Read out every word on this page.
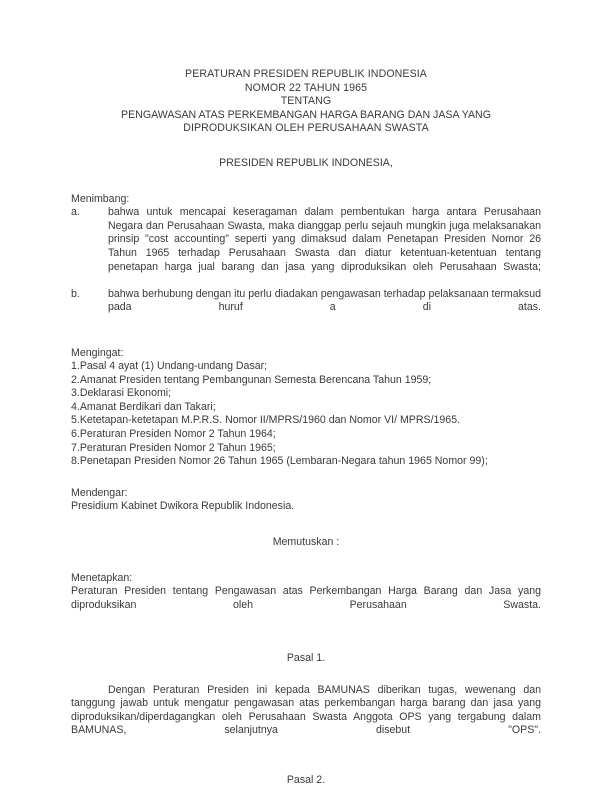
PERATURAN PRESIDEN REPUBLIK INDONESIA
NOMOR 22 TAHUN 1965
TENTANG
PENGAWASAN ATAS PERKEMBANGAN HARGA BARANG DAN JASA YANG
DIPRODUKSIKAN OLEH PERUSAHAAN SWASTA
PRESIDEN REPUBLIK INDONESIA,
Menimbang:
a.	bahwa untuk mencapai keseragaman dalam pembentukan harga antara Perusahaan Negara dan Perusahaan Swasta, maka dianggap perlu sejauh mungkin juga melaksanakan prinsip "cost accounting" seperti yang dimaksud dalam Penetapan Presiden Nomor 26 Tahun 1965 terhadap Perusahaan Swasta dan diatur ketentuan-ketentuan tentang penetapan harga jual barang dan jasa yang diproduksikan oleh Perusahaan Swasta;
b.	bahwa berhubung dengan itu perlu diadakan pengawasan terhadap pelaksanaan termaksud pada huruf a di atas.
Mengingat:
1.Pasal 4 ayat (1) Undang-undang Dasar;
2.Amanat Presiden tentang Pembangunan Semesta Berencana Tahun 1959;
3.Deklarasi Ekonomi;
4.Amanat Berdikari dan Takari;
5.Ketetapan-ketetapan M.P.R.S. Nomor II/MPRS/1960 dan Nomor VI/ MPRS/1965.
6.Peraturan Presiden Nomor 2 Tahun 1964;
7.Peraturan Presiden Nomor 2 Tahun 1965;
8.Penetapan Presiden Nomor 26 Tahun 1965 (Lembaran-Negara tahun 1965 Nomor 99);
Mendengar:
Presidium Kabinet Dwikora Republik Indonesia.
Memutuskan :
Menetapkan:
Peraturan Presiden tentang Pengawasan atas Perkembangan Harga Barang dan Jasa yang diproduksikan oleh Perusahaan Swasta.
Pasal 1.
Dengan Peraturan Presiden ini kepada BAMUNAS diberikan tugas, wewenang dan tanggung jawab untuk mengatur pengawasan atas perkembangan harga barang dan jasa yang diproduksikan/diperdagangkan oleh Perusahaan Swasta Anggota OPS yang tergabung dalam BAMUNAS, selanjutnya disebut "OPS".
Pasal 2.
